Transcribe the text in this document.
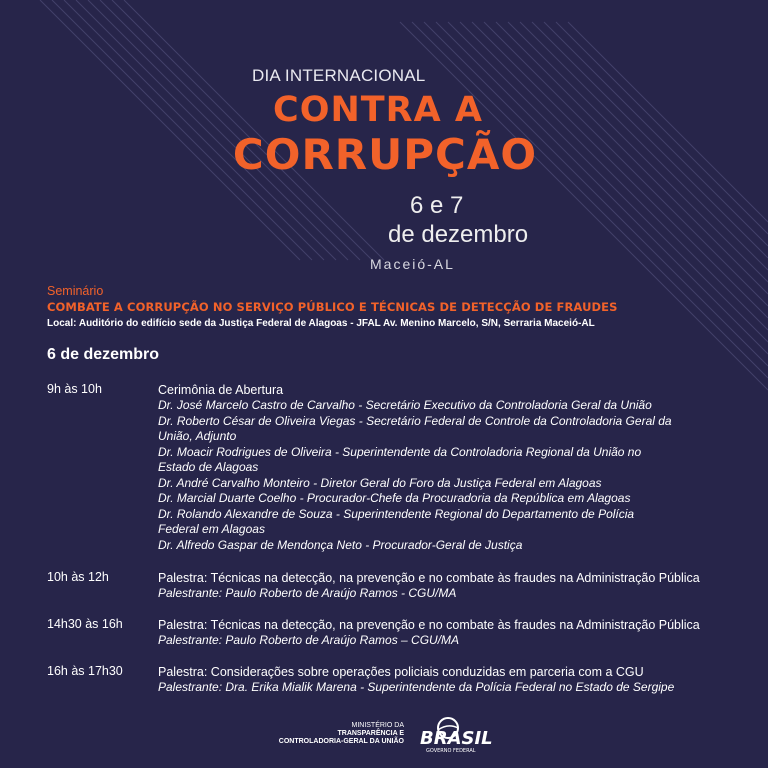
DIA INTERNACIONAL
CONTRA A
CORRUPÇÃO
6 e 7
de dezembro
Maceió-AL
Seminário
COMBATE A CORRUPÇÃO NO SERVIÇO PÚBLICO E TÉCNICAS DE DETECÇÃO DE FRAUDES
Local: Auditório do edifício sede da Justiça Federal de Alagoas - JFAL Av. Menino Marcelo, S/N, Serraria Maceió-AL
6 de dezembro
9h às 10h	Cerimônia de Abertura
Dr. José Marcelo Castro de Carvalho - Secretário Executivo da Controladoria Geral da União
Dr. Roberto César de Oliveira Viegas - Secretário Federal de Controle da Controladoria Geral da União, Adjunto
Dr. Moacir Rodrigues de Oliveira - Superintendente da Controladoria Regional da União no Estado de Alagoas
Dr. André Carvalho Monteiro - Diretor Geral do Foro da Justiça Federal em Alagoas
Dr. Marcial Duarte Coelho - Procurador-Chefe da Procuradoria da República em Alagoas
Dr. Rolando Alexandre de Souza - Superintendente Regional do Departamento de Polícia Federal em Alagoas
Dr. Alfredo Gaspar de Mendonça Neto - Procurador-Geral de Justiça
10h às 12h	Palestra: Técnicas na detecção, na prevenção e no combate às fraudes na Administração Pública
Palestrante: Paulo Roberto de Araújo Ramos - CGU/MA
14h30 às 16h	Palestra: Técnicas na detecção, na prevenção e no combate às fraudes na Administração Pública
Palestrante: Paulo Roberto de Araújo Ramos – CGU/MA
16h às 17h30	Palestra: Considerações sobre operações policiais conduzidas em parceria com a CGU
Palestrante: Dra. Erika Mialik Marena - Superintendente da Polícia Federal no Estado de Sergipe
MINISTÉRIO DA
TRANSPARÊNCIA E
CONTROLADORIA-GERAL DA UNIÃO BRASIL
GOVERNO FEDERAL
